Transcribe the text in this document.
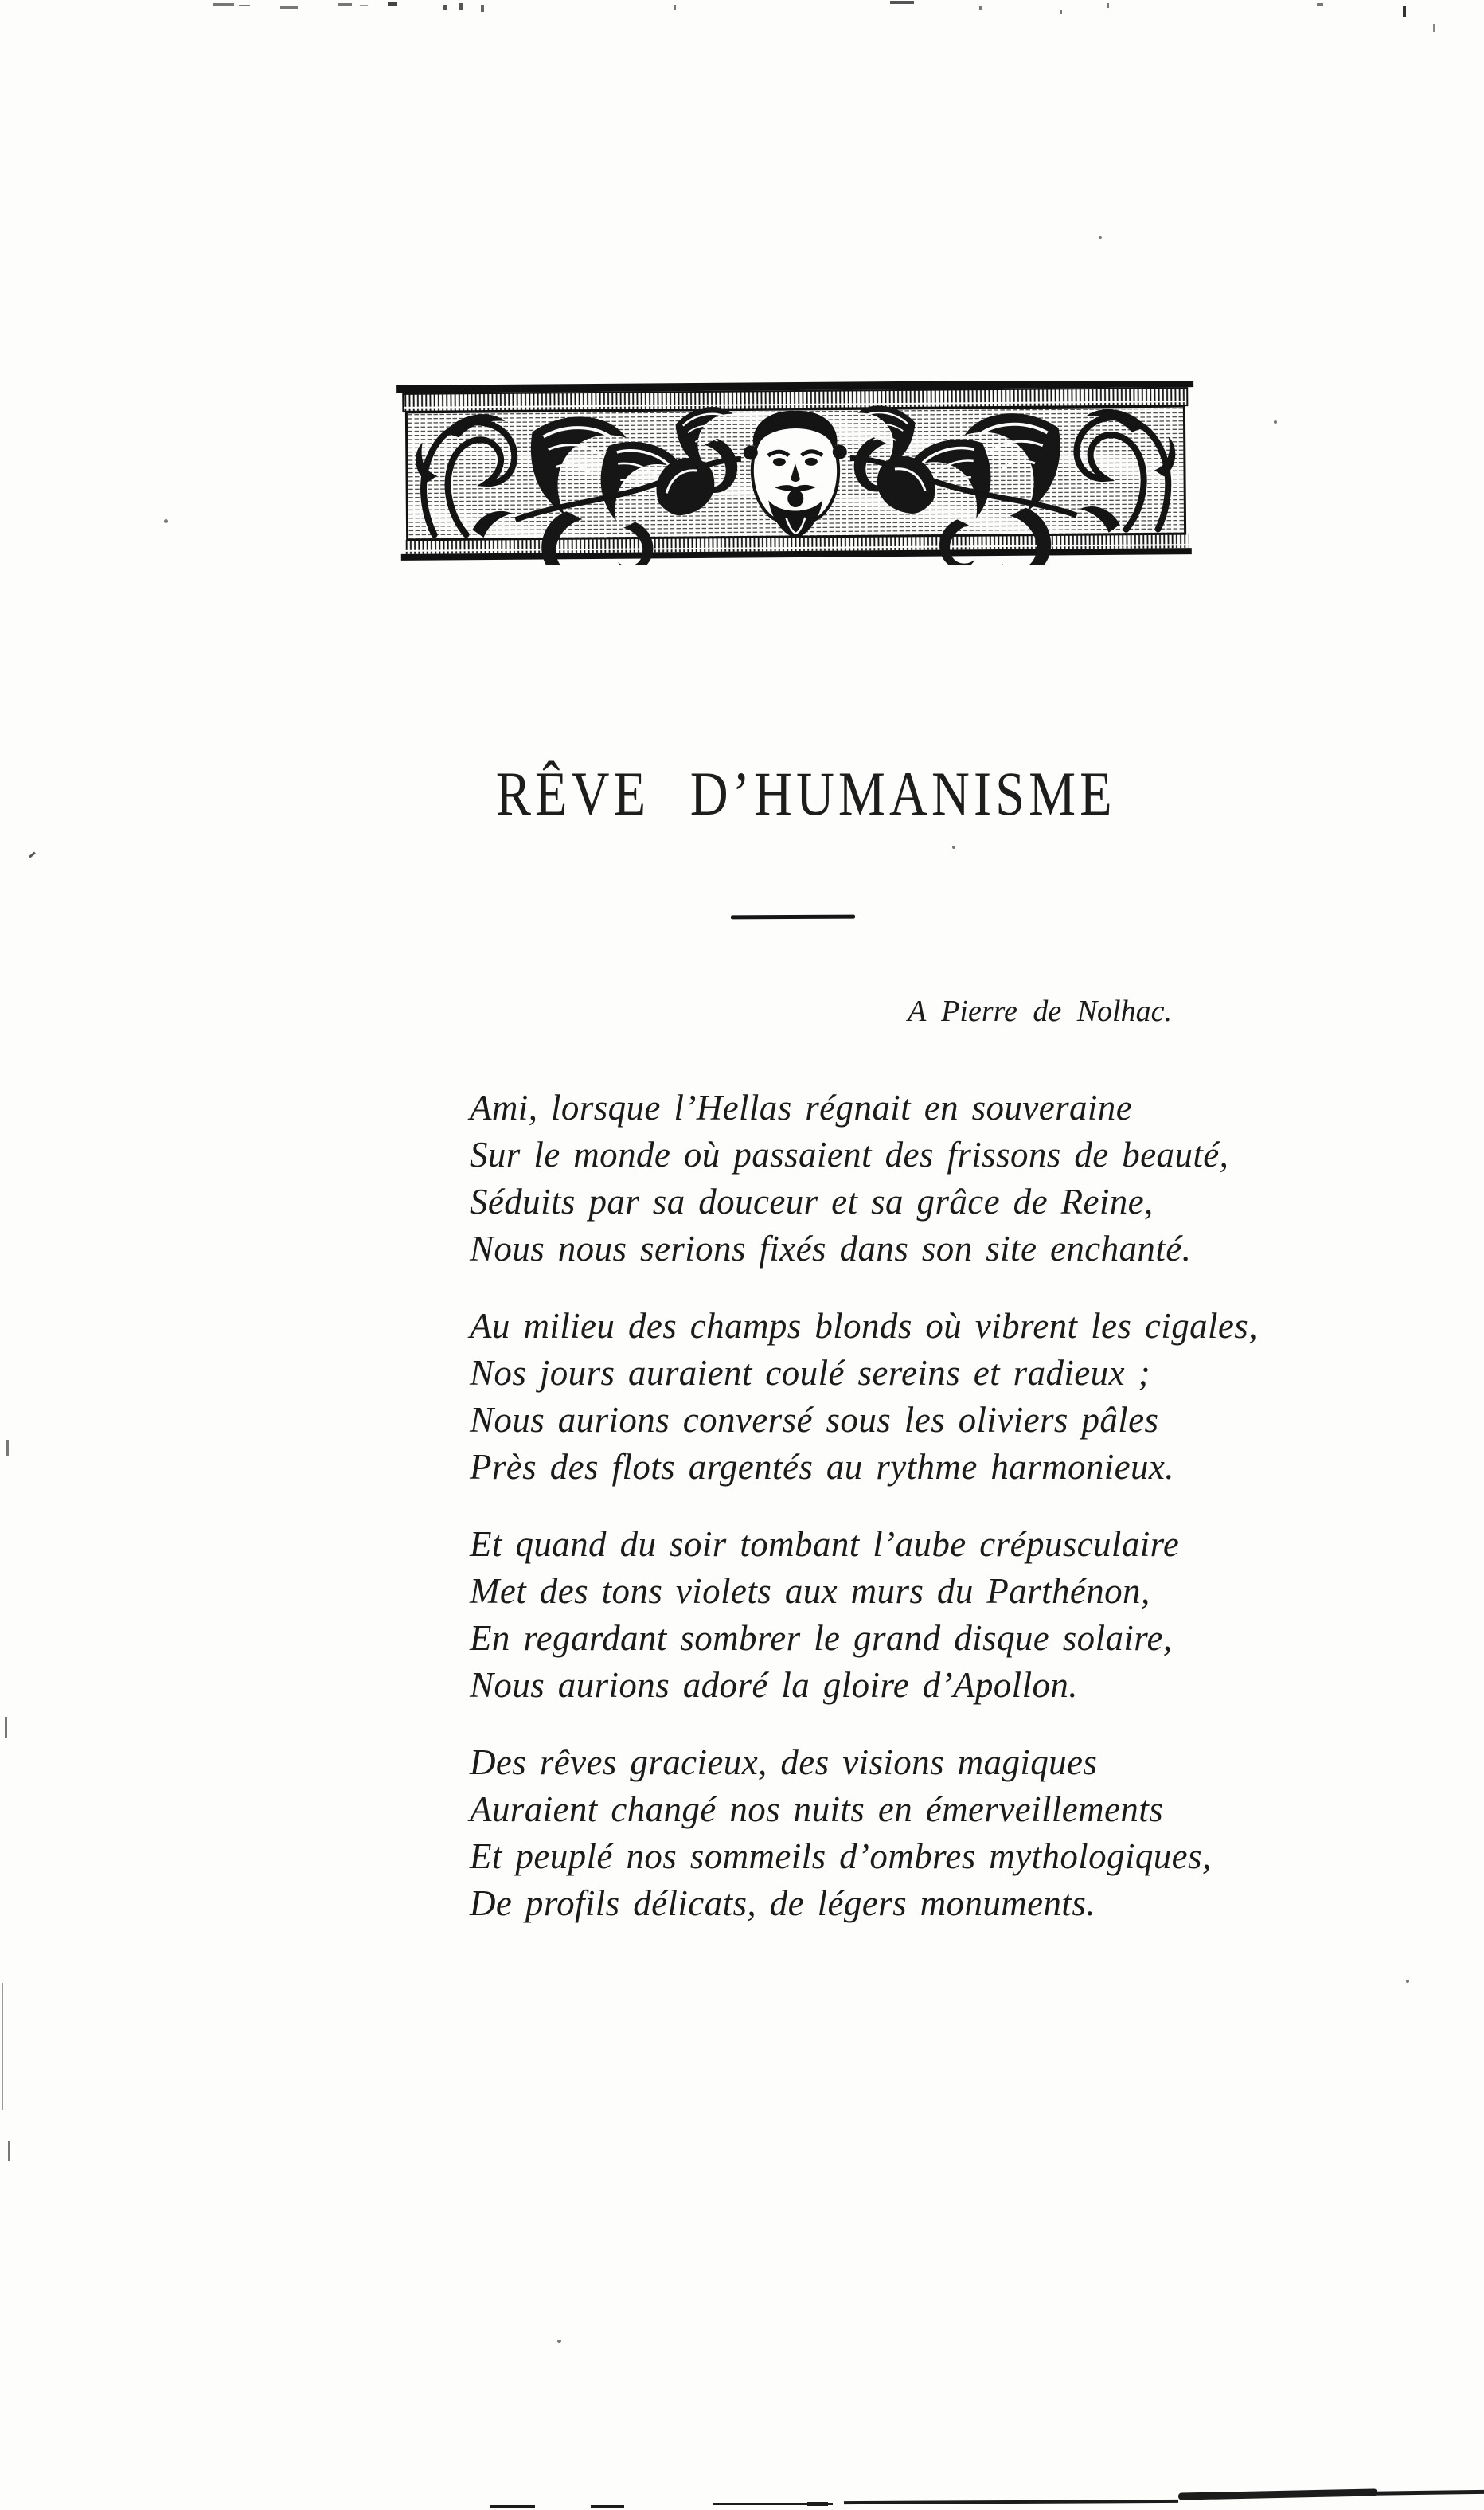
RÊVE D’HUMANISME

A Pierre de Nolhac.

Ami, lorsque l’Hellas régnait en souveraine

Sur le monde où passaient des frissons de beauté,

Séduits par sa douceur et sa grâce de Reine,

Nous nous serions fixés dans son site enchanté.

Au milieu des champs blonds où vibrent les cigales,

Nos jours auraient coulé sereins et radieux ;

Nous aurions conversé sous les oliviers pâles

Près des flots argentés au rythme harmonieux.

Et quand du soir tombant l’aube crépusculaire

Met des tons violets aux murs du Parthénon,

En regardant sombrer le grand disque solaire,

Nous aurions adoré la gloire d’Apollon.

Des rêves gracieux, des visions magiques

Auraient changé nos nuits en émerveillements

Et peuplé nos sommeils d’ombres mythologiques,

De profils délicats, de légers monuments.
